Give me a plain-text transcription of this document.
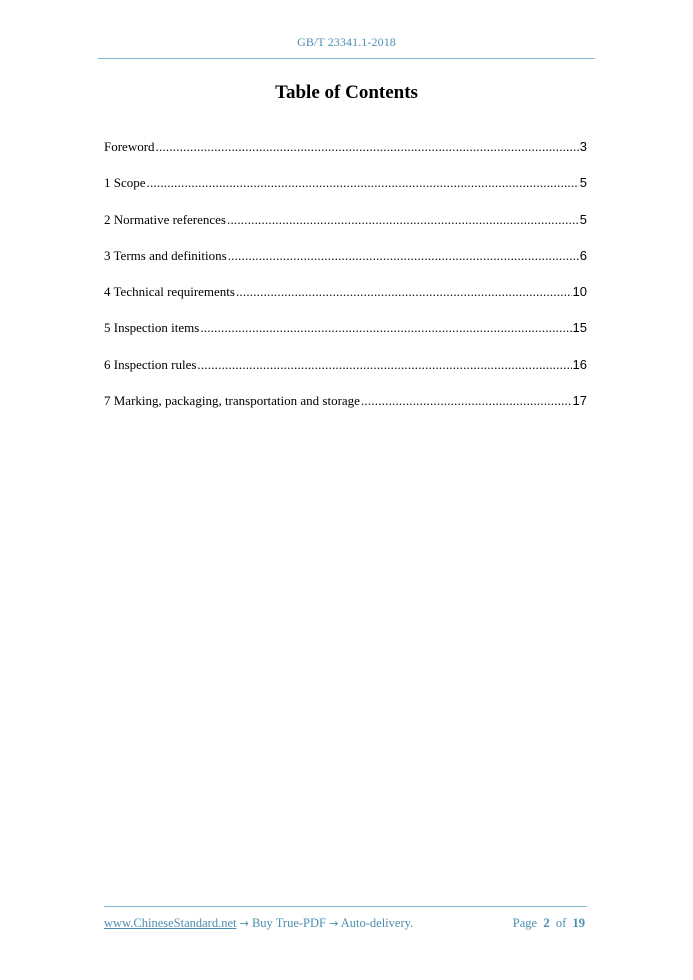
GB/T 23341.1-2018
Table of Contents
Foreword .....	3
1 Scope .....	5
2 Normative references .....	5
3 Terms and definitions .....	6
4 Technical requirements .....	10
5 Inspection items .....	15
6 Inspection rules .....	16
7 Marking, packaging, transportation and storage .....	17
www.ChineseStandard.net → Buy True-PDF → Auto-delivery.	Page 2 of 19
